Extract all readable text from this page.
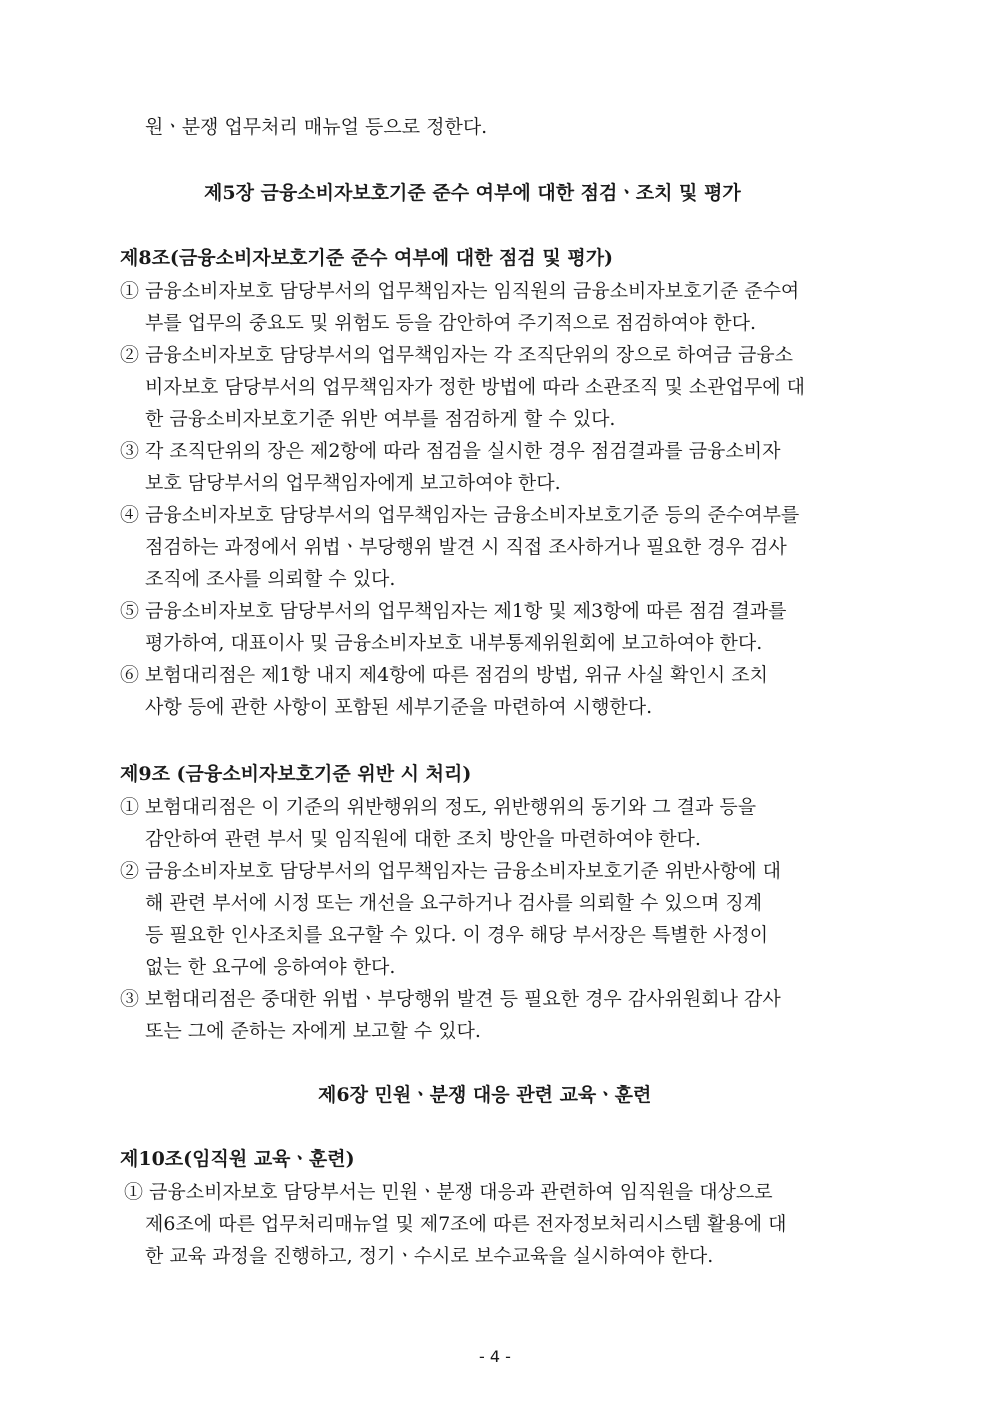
원ㆍ분쟁 업무처리 매뉴얼 등으로 정한다.
제5장 금융소비자보호기준 준수 여부에 대한 점검ㆍ조치 및 평가
제8조(금융소비자보호기준 준수 여부에 대한 점검 및 평가)
① 금융소비자보호 담당부서의 업무책임자는 임직원의 금융소비자보호기준 준수여
부를 업무의 중요도 및 위험도 등을 감안하여 주기적으로 점검하여야 한다.
② 금융소비자보호 담당부서의 업무책임자는 각 조직단위의 장으로 하여금 금융소
비자보호 담당부서의 업무책임자가 정한 방법에 따라 소관조직 및 소관업무에 대
한 금융소비자보호기준 위반 여부를 점검하게 할 수 있다.
③ 각 조직단위의 장은 제2항에 따라 점검을 실시한 경우 점검결과를 금융소비자
보호 담당부서의 업무책임자에게 보고하여야 한다.
④ 금융소비자보호 담당부서의 업무책임자는 금융소비자보호기준 등의 준수여부를
점검하는 과정에서 위법ㆍ부당행위 발견 시 직접 조사하거나 필요한 경우 검사
조직에 조사를 의뢰할 수 있다.
⑤ 금융소비자보호 담당부서의 업무책임자는 제1항 및 제3항에 따른 점검 결과를
평가하여, 대표이사 및 금융소비자보호 내부통제위원회에 보고하여야 한다.
⑥ 보험대리점은 제1항 내지 제4항에 따른 점검의 방법, 위규 사실 확인시 조치
사항 등에 관한 사항이 포함된 세부기준을 마련하여 시행한다.
제9조 (금융소비자보호기준 위반 시 처리)
① 보험대리점은 이 기준의 위반행위의 정도, 위반행위의 동기와 그 결과 등을
감안하여 관련 부서 및 임직원에 대한 조치 방안을 마련하여야 한다.
② 금융소비자보호 담당부서의 업무책임자는 금융소비자보호기준 위반사항에 대
해 관련 부서에 시정 또는 개선을 요구하거나 검사를 의뢰할 수 있으며 징계
등 필요한 인사조치를 요구할 수 있다. 이 경우 해당 부서장은 특별한 사정이
없는 한 요구에 응하여야 한다.
③ 보험대리점은 중대한 위법ㆍ부당행위 발견 등 필요한 경우 감사위원회나 감사
또는 그에 준하는 자에게 보고할 수 있다.
제6장 민원ㆍ분쟁 대응 관련 교육ㆍ훈련
제10조(임직원 교육ㆍ훈련)
① 금융소비자보호 담당부서는 민원ㆍ분쟁 대응과 관련하여 임직원을 대상으로
제6조에 따른 업무처리매뉴얼 및 제7조에 따른 전자정보처리시스템 활용에 대
한 교육 과정을 진행하고, 정기ㆍ수시로 보수교육을 실시하여야 한다.
- 4 -
